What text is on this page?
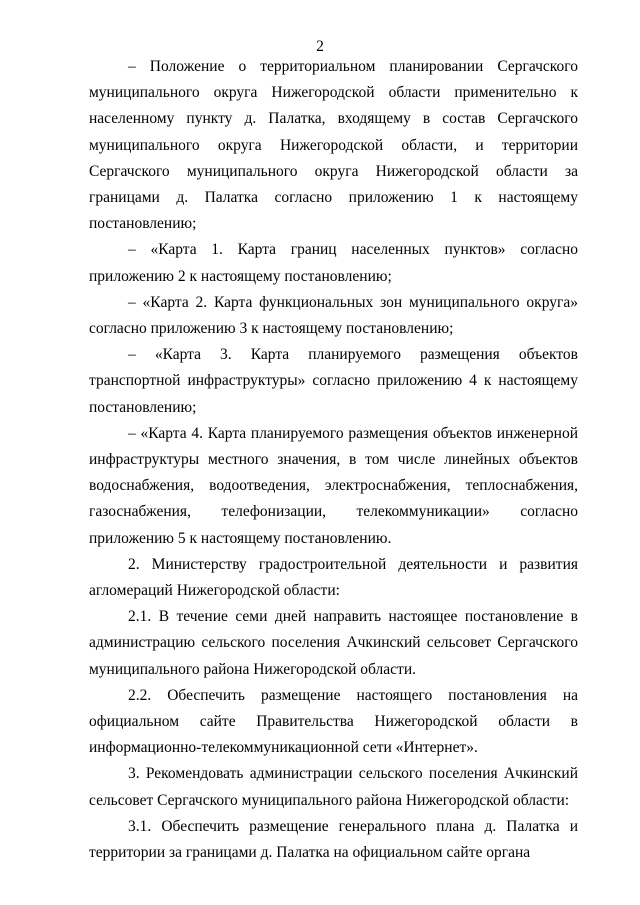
2

– Положение о территориальном планировании Сергачского муниципального округа Нижегородской области применительно к населенному пункту д. Палатка, входящему в состав Сергачского муниципального округа Нижегородской области, и территории Сергачского муниципального округа Нижегородской области за границами д. Палатка согласно приложению 1 к настоящему постановлению;

– «Карта 1. Карта границ населенных пунктов» согласно приложению 2 к настоящему постановлению;

– «Карта 2. Карта функциональных зон муниципального округа» согласно приложению 3 к настоящему постановлению;

– «Карта 3. Карта планируемого размещения объектов транспортной инфраструктуры» согласно приложению 4 к настоящему постановлению;

– «Карта 4. Карта планируемого размещения объектов инженерной инфраструктуры местного значения, в том числе линейных объектов водоснабжения, водоотведения, электроснабжения, теплоснабжения, газоснабжения, телефонизации, телекоммуникации» согласно приложению 5 к настоящему постановлению.

2. Министерству градостроительной деятельности и развития агломераций Нижегородской области:

2.1. В течение семи дней направить настоящее постановление в администрацию сельского поселения Ачкинский сельсовет Сергачского муниципального района Нижегородской области.

2.2. Обеспечить размещение настоящего постановления на официальном сайте Правительства Нижегородской области в информационно-телекоммуникационной сети «Интернет».

3. Рекомендовать администрации сельского поселения Ачкинский сельсовет Сергачского муниципального района Нижегородской области:

3.1. Обеспечить размещение генерального плана д. Палатка и территории за границами д. Палатка на официальном сайте органа
